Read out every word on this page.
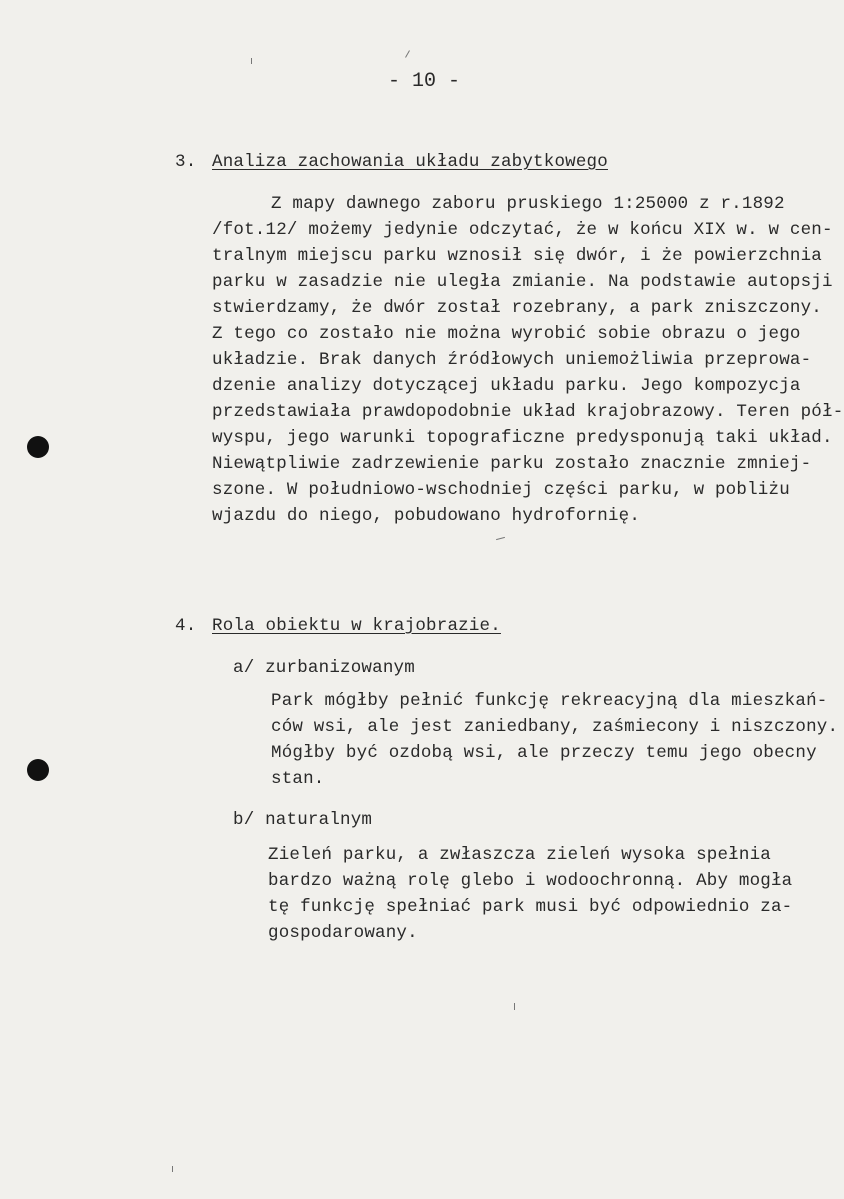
- 10 -
3. Analiza zachowania układu zabytkowego
Z mapy dawnego zaboru pruskiego 1:25000 z r.1892
/fot.12/ możemy jedynie odczytać, że w końcu XIX w. w cen-
tralnym miejscu parku wznosił się dwór, i że powierzchnia
parku w zasadzie nie uległa zmianie. Na podstawie autopsji
stwierdzamy, że dwór został rozebrany, a park zniszczony.
Z tego co zostało nie można wyrobić sobie obrazu o jego
układzie. Brak danych źródłowych uniemożliwia przeprowa-
dzenie analizy dotyczącej układu parku. Jego kompozycja
przedstawiała prawdopodobnie układ krajobrazowy. Teren pół-
wyspu, jego warunki topograficzne predysponują taki układ.
Niewątpliwie zadrzewienie parku zostało znacznie zmniej-
szone. W południowo-wschodniej części parku, w pobliżu
wjazdu do niego, pobudowano hydrofornię.
4. Rola obiektu w krajobrazie.
a/ zurbanizowanym
Park mógłby pełnić funkcję rekreacyjną dla mieszkań-
ców wsi, ale jest zaniedbany, zaśmiecony i niszczony.
Mógłby być ozdobą wsi, ale przeczy temu jego obecny
stan.
b/ naturalnym
Zieleń parku, a zwłaszcza zieleń wysoka spełnia
bardzo ważną rolę glebo i wodoochronną. Aby mogła
tę funkcję spełniać park musi być odpowiednio za-
gospodarowany.
